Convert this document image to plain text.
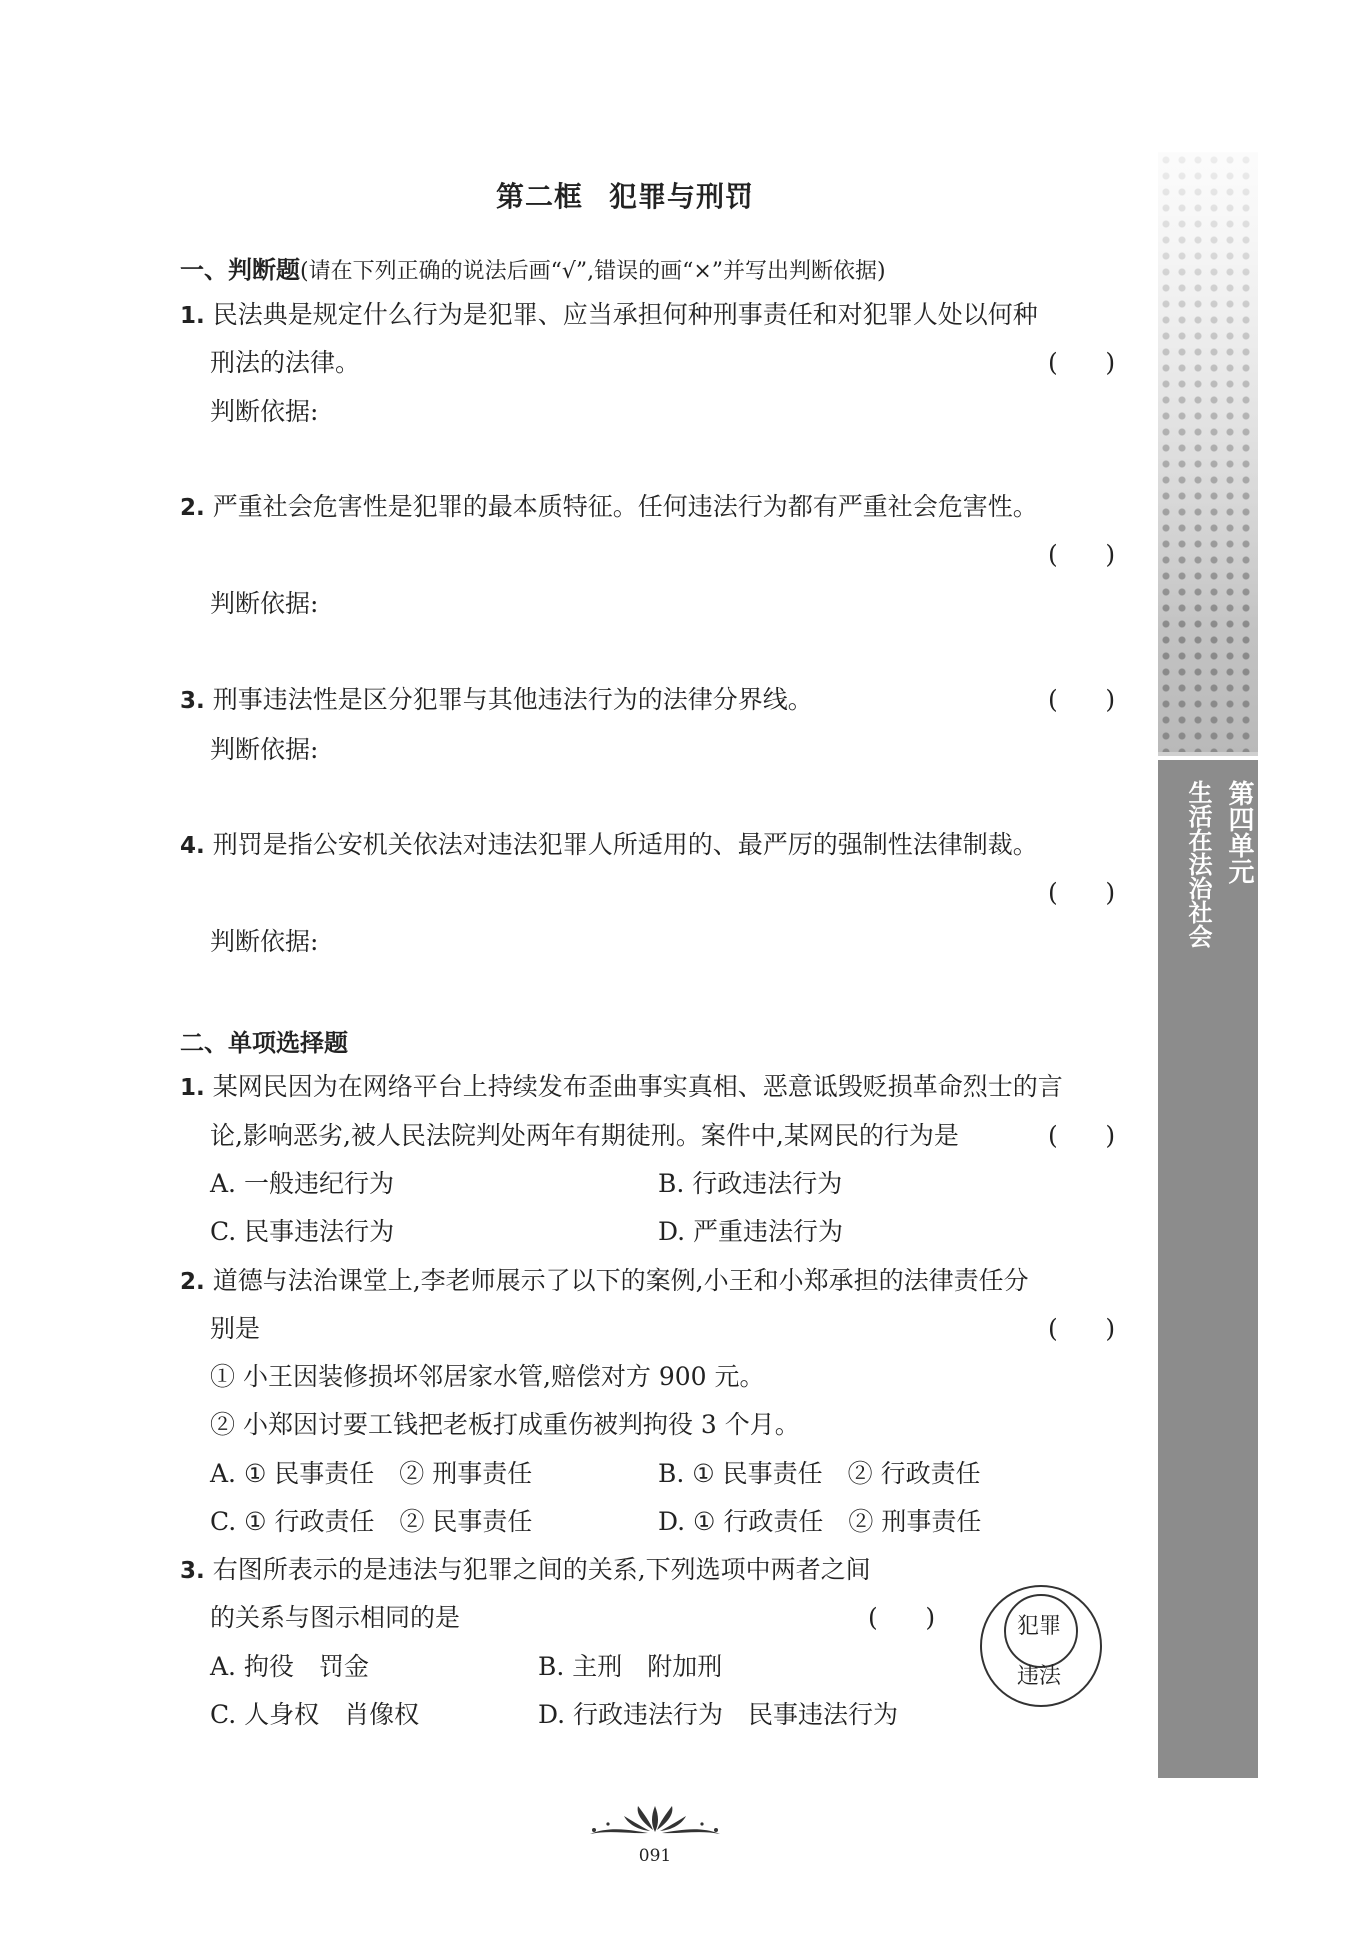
第四单元
生活在法治社会
第二框 犯罪与刑罚
一、判断题(请在下列正确的说法后画“√”,错误的画“×”并写出判断依据)
1. 民法典是规定什么行为是犯罪、应当承担何种刑事责任和对犯罪人处以何种
刑法的法律。	(      )
判断依据:
2. 严重社会危害性是犯罪的最本质特征。任何违法行为都有严重社会危害性。
(      )
判断依据:
3. 刑事违法性是区分犯罪与其他违法行为的法律分界线。	(      )
判断依据:
4. 刑罚是指公安机关依法对违法犯罪人所适用的、最严厉的强制性法律制裁。
(      )
判断依据:
二、单项选择题
1. 某网民因为在网络平台上持续发布歪曲事实真相、恶意诋毁贬损革命烈士的言
论,影响恶劣,被人民法院判处两年有期徒刑。案件中,某网民的行为是	(      )
A. 一般违纪行为	B. 行政违法行为
C. 民事违法行为	D. 严重违法行为
2. 道德与法治课堂上,李老师展示了以下的案例,小王和小郑承担的法律责任分
别是	(      )
① 小王因装修损坏邻居家水管,赔偿对方 900 元。
② 小郑因讨要工钱把老板打成重伤被判拘役 3 个月。
A. ① 民事责任　② 刑事责任	B. ① 民事责任　② 行政责任
C. ① 行政责任　② 民事责任	D. ① 行政责任　② 刑事责任
3. 右图所表示的是违法与犯罪之间的关系,下列选项中两者之间
的关系与图示相同的是	(      )
A. 拘役　罚金	B. 主刑　附加刑
C. 人身权　肖像权	D. 行政违法行为　民事违法行为
犯罪
违法
091
